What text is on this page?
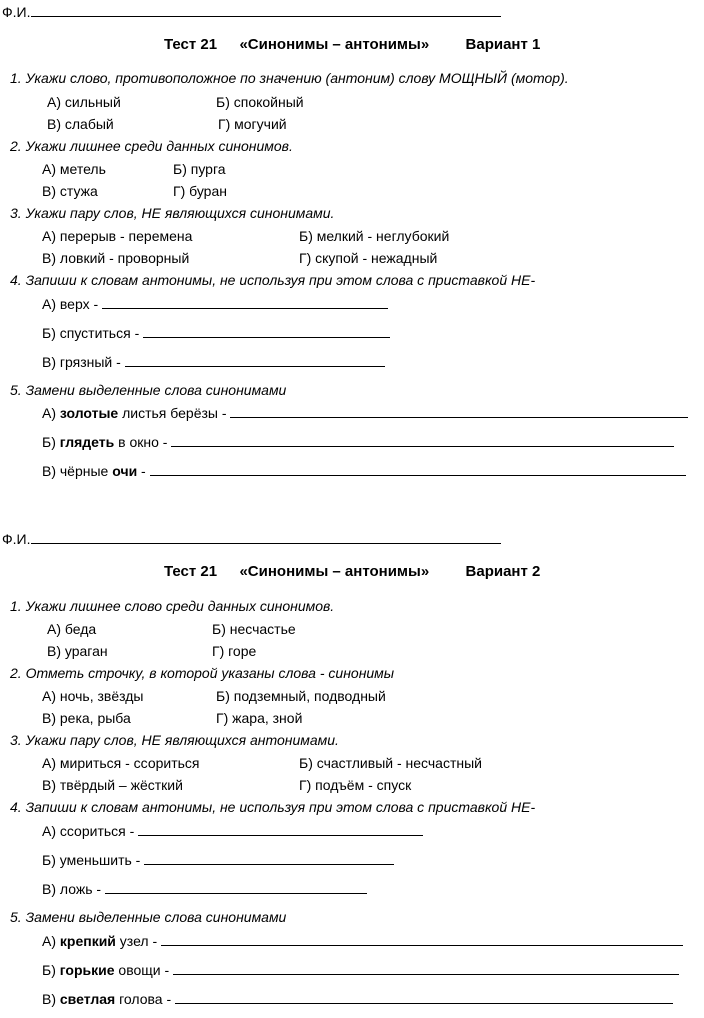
Ф.И.
Тест 21 «Синонимы – антонимы» Вариант 1
1. Укажи слово, противоположное по значению (антоним) слову МОЩНЫЙ (мотор).
А) сильный	Б) спокойный
В) слабый	Г) могучий
2. Укажи лишнее среди данных синонимов.
А) метель	Б) пурга
В) стужа	Г) буран
3. Укажи пару слов, НЕ являющихся синонимами.
А) перерыв - перемена	Б) мелкий - неглубокий
В) ловкий - проворный	Г) скупой - нежадный
4. Запиши к словам антонимы, не используя при этом слова с приставкой НЕ-
А) верх -
Б) спуститься -
В) грязный -
5. Замени выделенные слова синонимами
А) золотые листья берёзы -
Б) глядеть в окно -
В) чёрные очи -
Ф.И.
Тест 21 «Синонимы – антонимы» Вариант 2
1. Укажи лишнее слово среди данных синонимов.
А) беда	Б) несчастье
В) ураган	Г) горе
2. Отметь строчку, в которой указаны слова - синонимы
А) ночь, звёзды	Б) подземный, подводный
В) река, рыба	Г) жара, зной
3. Укажи пару слов, НЕ являющихся антонимами.
А) мириться - ссориться	Б) счастливый - несчастный
В) твёрдый – жёсткий	Г) подъём - спуск
4. Запиши к словам антонимы, не используя при этом слова с приставкой НЕ-
А) ссориться -
Б) уменьшить -
В) ложь -
5. Замени выделенные слова синонимами
А) крепкий узел -
Б) горькие овощи -
В) светлая голова -
